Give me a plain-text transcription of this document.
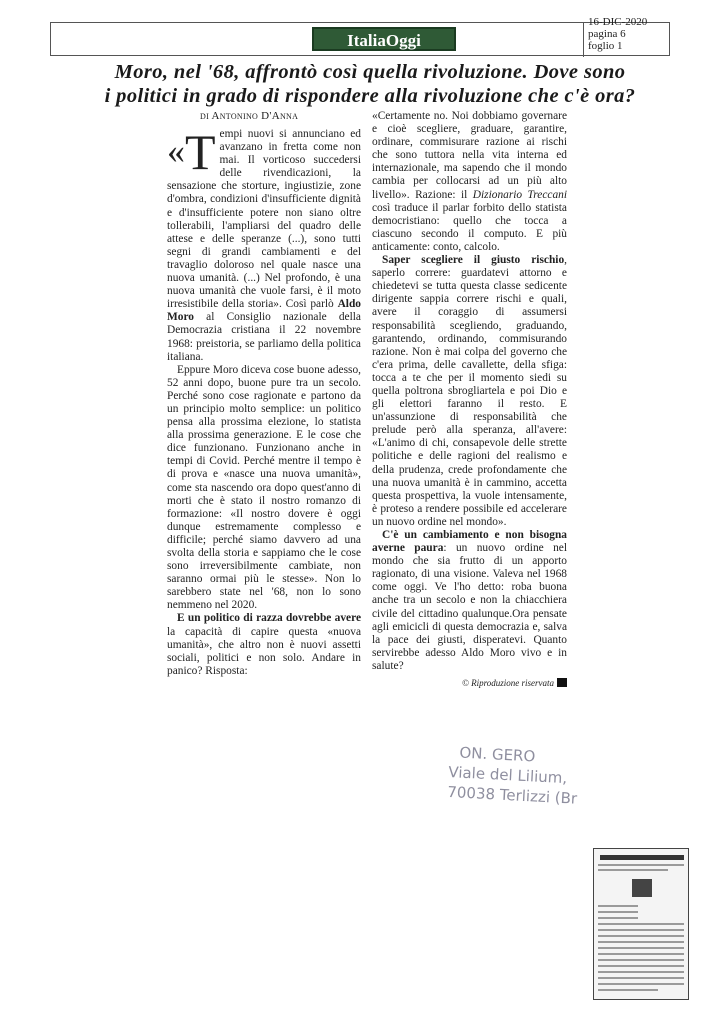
ItaliaOggi
16-DIC-2020
pagina 6
foglio 1
Moro, nel '68, affrontò così quella rivoluzione. Dove sono
i politici in grado di rispondere alla rivoluzione che c'è ora?
di Antonino D'Anna

«T empi nuovi si annunciano ed avanzano in fretta come non mai. Il vorticoso succedersi delle rivendicazioni, la sensazione che storture, ingiustizie, zone d'ombra, condizioni d'insufficiente dignità e d'insufficiente potere non siano oltre tollerabili, l'ampliarsi del quadro delle attese e delle speranze (...), sono tutti segni di grandi cambiamenti e del travaglio doloroso nel quale nasce una nuova umanità. (...) Nel profondo, è una nuova umanità che vuole farsi, è il moto irresistibile della storia». Così parlò Aldo Moro al Consiglio nazionale della Democrazia cristiana il 22 novembre 1968: preistoria, se parliamo della politica italiana.

Eppure Moro diceva cose buone adesso, 52 anni dopo, buone pure tra un secolo. Perché sono cose ragionate e partono da un principio molto semplice: un politico pensa alla prossima elezione, lo statista alla prossima generazione. E le cose che dice funzionano. Funzionano anche in tempi di Covid. Perché mentre il tempo è di prova e «nasce una nuova umanità», come sta nascendo ora dopo quest'anno di morti che è stato il nostro romanzo di formazione: «Il nostro dovere è oggi dunque estremamente complesso e difficile; perché siamo davvero ad una svolta della storia e sappiamo che le cose sono irreversibilmente cambiate, non saranno ormai più le stesse». Non lo sarebbero state nel '68, non lo sono nemmeno nel 2020.

E un politico di razza dovrebbe avere la capacità di capire questa «nuova umanità», che altro non è nuovi assetti sociali, politici e non solo. Andare in panico? Risposta:

«Certamente no. Noi dobbiamo governare e cioè scegliere, graduare, garantire, ordinare, commisurare razione ai rischi che sono tuttora nella vita interna ed internazionale, ma sapendo che il mondo cambia per collocarsi ad un più alto livello». Razione: il Dizionario Treccani così traduce il parlar forbito dello statista democristiano: quello che tocca a ciascuno secondo il computo. E più anticamente: conto, calcolo.

Saper scegliere il giusto rischio, saperlo correre: guardatevi attorno e chiedetevi se tutta questa classe sedicente dirigente sappia correre rischi e quali, avere il coraggio di assumersi responsabilità scegliendo, graduando, garantendo, ordinando, commisurando razione. Non è mai colpa del governo che c'era prima, delle cavallette, della sfiga: tocca a te che per il momento siedi su quella poltrona sbrogliartela e poi Dio e gli elettori faranno il resto. E un'assunzione di responsabilità che prelude però alla speranza, all'avere: «L'animo di chi, consapevole delle strette politiche e delle ragioni del realismo e della prudenza, crede profondamente che una nuova umanità è in cammino, accetta questa prospettiva, la vuole intensamente, è proteso a rendere possibile ed accelerare un nuovo ordine nel mondo».

C'è un cambiamento e non bisogna averne paura: un nuovo ordine nel mondo che sia frutto di un apporto ragionato, di una visione. Valeva nel 1968 come oggi. Ve l'ho detto: roba buona anche tra un secolo e non la chiacchiera civile del cittadino qualunque.Ora pensate agli emicicli di questa democrazia e, salva la pace dei giusti, disperatevi. Quanto servirebbe adesso Aldo Moro vivo e in salute?

© Riproduzione riservata
ON. GERO
Viale del Lilium,
70038 Terlizzi (Br
